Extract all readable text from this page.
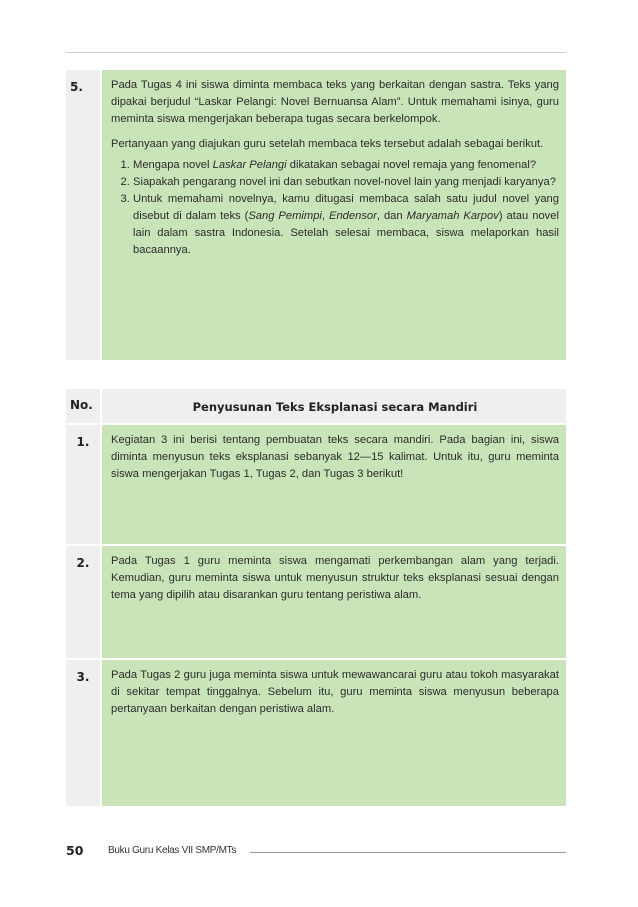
5.	Pada Tugas 4 ini siswa diminta membaca teks yang berkaitan dengan sastra. Teks yang dipakai berjudul “Laskar Pelangi: Novel Bernuansa Alam”. Untuk memahami isinya, guru meminta siswa mengerjakan beberapa tugas secara berkelompok.

Pertanyaan yang diajukan guru setelah membaca teks tersebut adalah sebagai berikut.

1. Mengapa novel Laskar Pelangi dikatakan sebagai novel remaja yang fenomenal?
2. Siapakah pengarang novel ini dan sebutkan novel-novel lain yang menjadi karyanya?
3. Untuk memahami novelnya, kamu ditugasi membaca salah satu judul novel yang disebut di dalam teks (Sang Pemimpi, Endensor, dan Maryamah Karpov) atau novel lain dalam sastra Indonesia. Setelah selesai membaca, siswa melaporkan hasil bacaannya.
No.	Penyusunan Teks Eksplanasi secara Mandiri
1.	Kegiatan 3 ini berisi tentang pembuatan teks secara mandiri. Pada bagian ini, siswa diminta menyusun teks eksplanasi sebanyak 12—15 kalimat. Untuk itu, guru meminta siswa mengerjakan Tugas 1, Tugas 2, dan Tugas 3 berikut!

2.	Pada Tugas 1 guru meminta siswa mengamati perkembangan alam yang terjadi. Kemudian, guru meminta siswa untuk menyusun struktur teks eksplanasi sesuai dengan tema yang dipilih atau disarankan guru tentang peristiwa alam.

3.	Pada Tugas 2 guru juga meminta siswa untuk mewawancarai guru atau tokoh masyarakat di sekitar tempat tinggalnya. Sebelum itu, guru meminta siswa menyusun beberapa pertanyaan berkaitan dengan peristiwa alam.

50 Buku Guru Kelas VII SMP/MTs
